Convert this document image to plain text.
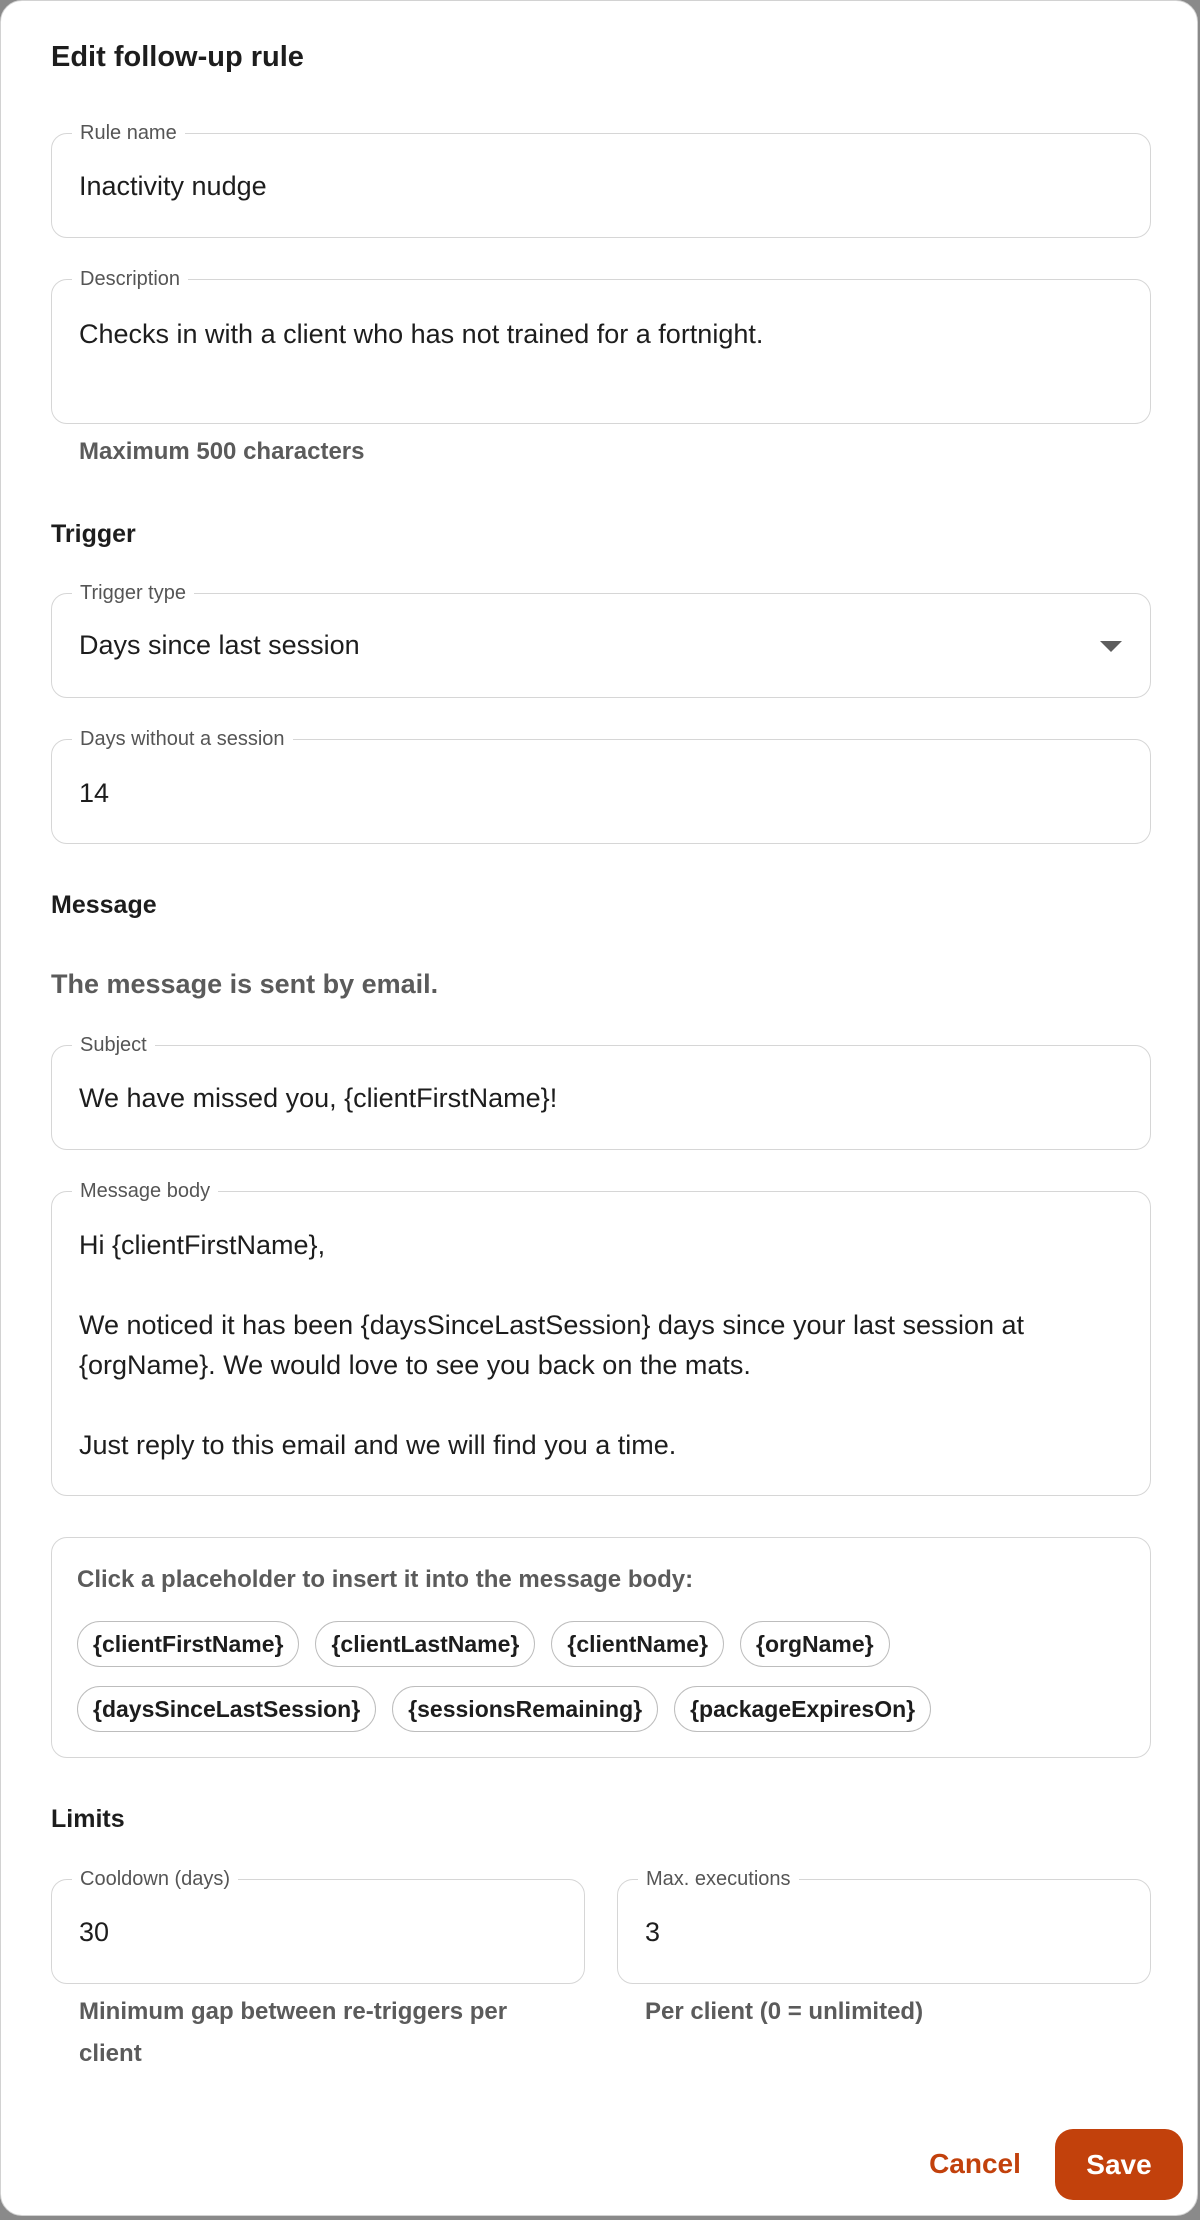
Edit follow-up rule
Rule name
Inactivity nudge
Description
Checks in with a client who has not trained for a fortnight.
Maximum 500 characters
Trigger
Trigger type
Days since last session
Days without a session
14
Message
The message is sent by email.
Subject
We have missed you, {clientFirstName}!
Message body
Hi {clientFirstName},

We noticed it has been {daysSinceLastSession} days since your last session at {orgName}. We would love to see you back on the mats.

Just reply to this email and we will find you a time.
Click a placeholder to insert it into the message body:
{clientFirstName}	{clientLastName}	{clientName}	{orgName}
{daysSinceLastSession}	{sessionsRemaining}	{packageExpiresOn}
Limits
Cooldown (days)
30
Minimum gap between re-triggers per client
Max. executions
3
Per client (0 = unlimited)
Cancel	Save
